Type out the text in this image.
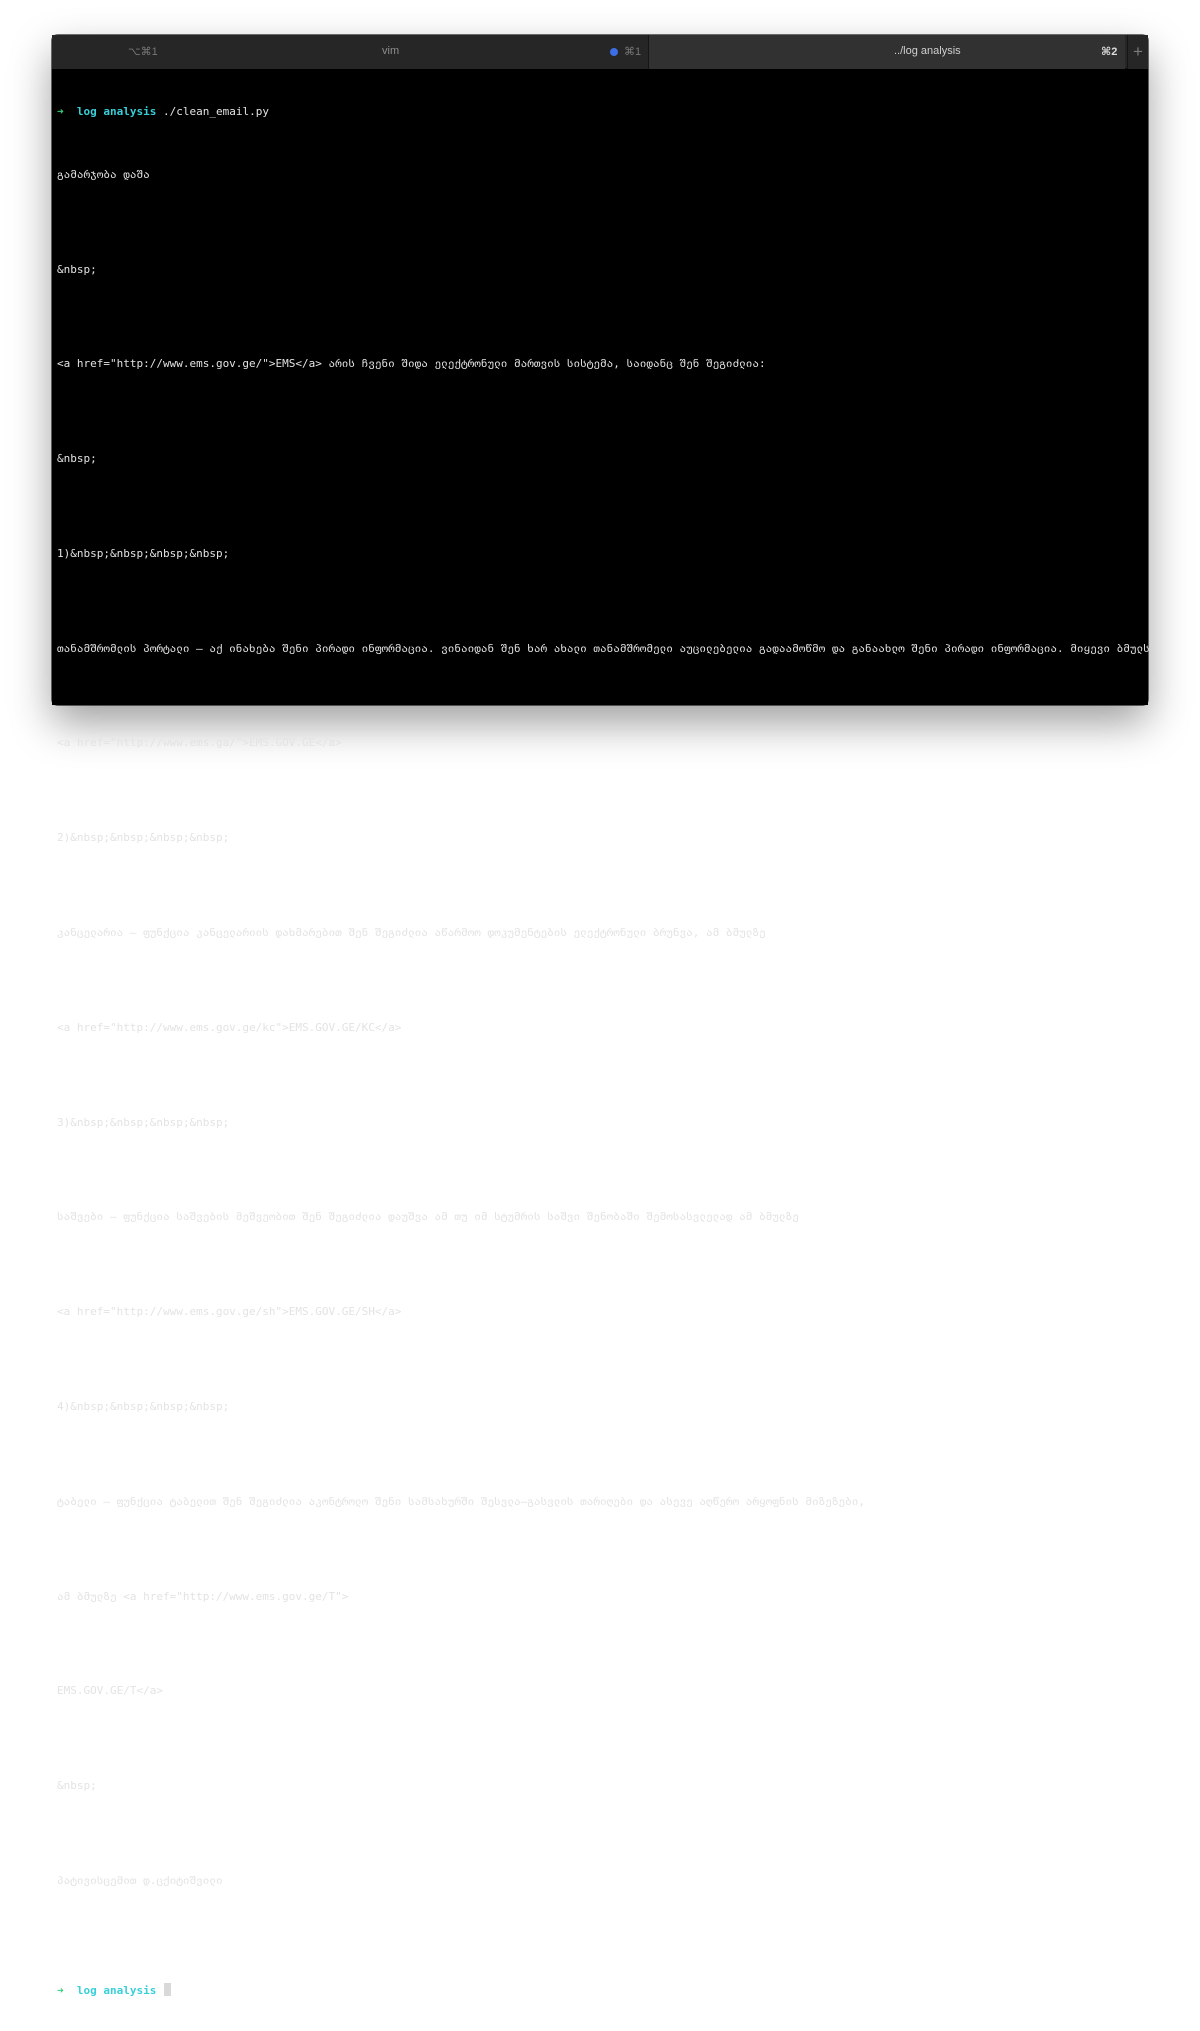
⌥⌘1	vim	⌘1	../log analysis	⌘2 +

➜ log analysis ./clean_email.py

გამარჯობა დაშა

&nbsp;

<a href="http://www.ems.gov.ge/">EMS</a> არის ჩვენი შიდა ელექტრონული მართვის სისტემა, საიდანც შენ შეგიძლია:

&nbsp;

1)&nbsp;&nbsp;&nbsp;&nbsp;

თანამშრომლის პორტალი – აქ ინახება შენი პირადი ინფორმაცია. ვინაიდან შენ ხარ ახალი თანამშრომელი აუცილებელია გადაამოწმო და განაახლო შენი პირადი ინფორმაცია. მიყევი ბმულს

<a href="http://www.ems.ga/">EMS.GOV.GE</a>

2)&nbsp;&nbsp;&nbsp;&nbsp;

კანცელარია – ფუნქცია კანცელარიის დახმარებით შენ შეგიძლია აწარმოო დოკუმენტების ელექტრონული ბრუნვა, ამ ბმულზე

<a href="http://www.ems.gov.ge/kc">EMS.GOV.GE/KC</a>

3)&nbsp;&nbsp;&nbsp;&nbsp;

საშვები – ფუნქცია საშვების მეშვეობით შენ შეგიძლია დაუშვა ამ თუ იმ სტუმრის საშვი შენობაში შემოსასვლელად ამ ბმულზე

<a href="http://www.ems.gov.ge/sh">EMS.GOV.GE/SH</a>

4)&nbsp;&nbsp;&nbsp;&nbsp;

ტაბელი – ფუნქცია ტაბელით შენ შეგიძლია აკონტროლო შენი სამსახურში შესვლა–გასვლის თარიღები და ასევე აღწერო არყოფნის მიზეზები,

ამ ბმულზე <a href="http://www.ems.gov.ge/T">

EMS.GOV.GE/T</a>

&nbsp;

პატივისცემით დ.ცქიტიშვილი

➜ log analysis
